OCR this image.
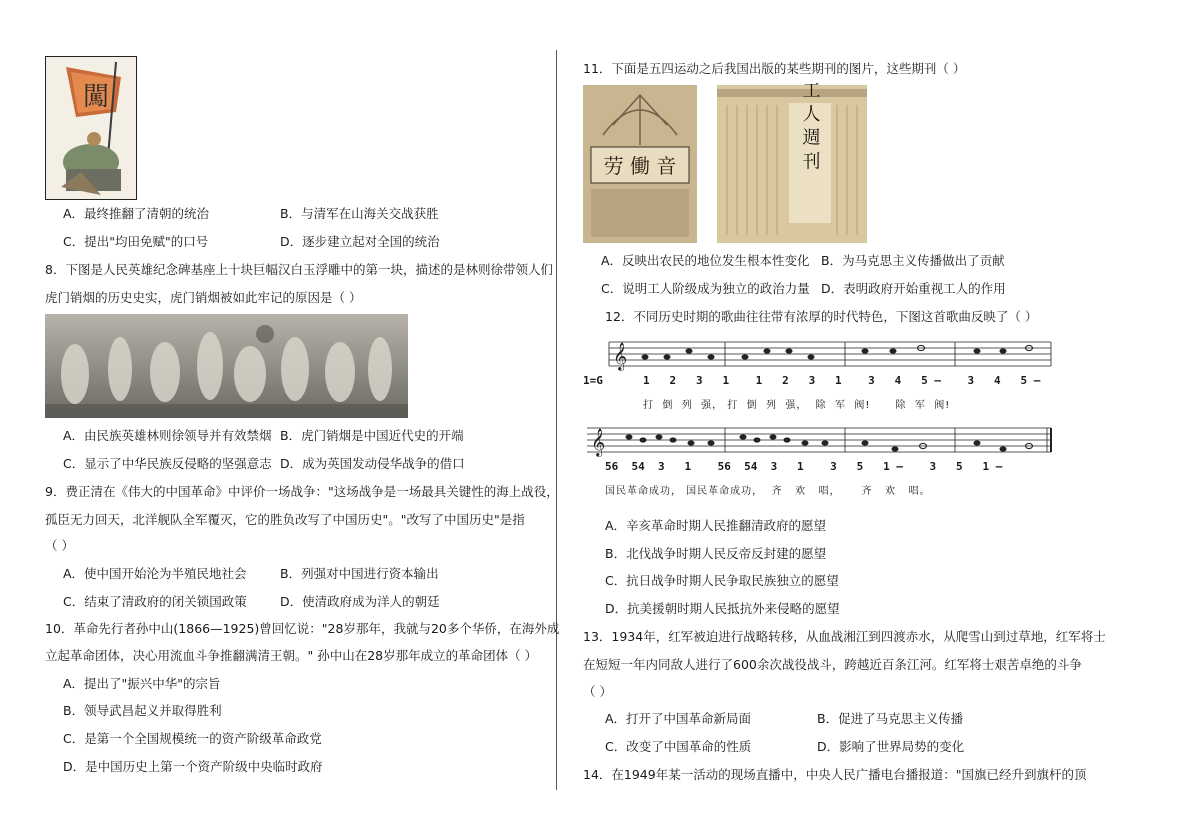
闖
A．最终推翻了清朝的统治	B．与清军在山海关交战获胜
C．提出"均田免赋"的口号	D．逐步建立起对全国的统治
8．下图是人民英雄纪念碑基座上十块巨幅汉白玉浮雕中的第一块，描述的是林则徐带领人们
虎门销烟的历史史实，虎门销烟被如此牢记的原因是（ ）
A．由民族英雄林则徐领导并有效禁烟 B．虎门销烟是中国近代史的开端
C．显示了中华民族反侵略的坚强意志 D．成为英国发动侵华战争的借口
9．费正清在《伟大的中国革命》中评价一场战争："这场战争是一场最具关键性的海上战役，
孤臣无力回天，北洋舰队全军覆灭，它的胜负改写了中国历史"。"改写了中国历史"是指
（ ）
A．使中国开始沦为半殖民地社会	B．列强对中国进行资本输出
C．结束了清政府的闭关锁国政策	D．使清政府成为洋人的朝廷
10．革命先行者孙中山(1866—1925)曾回忆说："28岁那年，我就与20多个华侨，在海外成
立起革命团体，决心用流血斗争推翻满清王朝。" 孙中山在28岁那年成立的革命团体（ ）
A．提出了"振兴中华"的宗旨
B．领导武昌起义并取得胜利
C．是第一个全国规模统一的资产阶级革命政党
D．是中国历史上第一个资产阶级中央临时政府
11．下面是五四运动之后我国出版的某些期刊的图片，这些期刊（ ）
劳 働 音	工 人 週 刊
A．反映出农民的地位发生根本性变化 B．为马克思主义传播做出了贡献
C．说明工人阶级成为独立的政治力量 D．表明政府开始重视工人的作用
12．不同历史时期的歌曲往往带有浓厚的时代特色，下图这首歌曲反映了（ ）
𝄞
𝄞
1=G	1   2   3   1    1   2   3   1    3   4   5 —    3   4   5 —
打  倒  列  强， 打  倒  列  强，  除  军  阀!      除  军  阀!
56  54  3   1    56  54  3   1    3   5   1 —    3   5   1 —
国民革命成功， 国民革命成功，  齐   欢   唱，     齐   欢   唱。
A．辛亥革命时期人民推翻清政府的愿望
B．北伐战争时期人民反帝反封建的愿望
C．抗日战争时期人民争取民族独立的愿望
D．抗美援朝时期人民抵抗外来侵略的愿望
13．1934年，红军被迫进行战略转移，从血战湘江到四渡赤水，从爬雪山到过草地，红军将士
在短短一年内同敌人进行了600余次战役战斗，跨越近百条江河。红军将士艰苦卓绝的斗争
（ ）
A．打开了中国革命新局面	B．促进了马克思主义传播
C．改变了中国革命的性质	D．影响了世界局势的变化
14．在1949年某一活动的现场直播中，中央人民广播电台播报道："国旗已经升到旗杆的顶
